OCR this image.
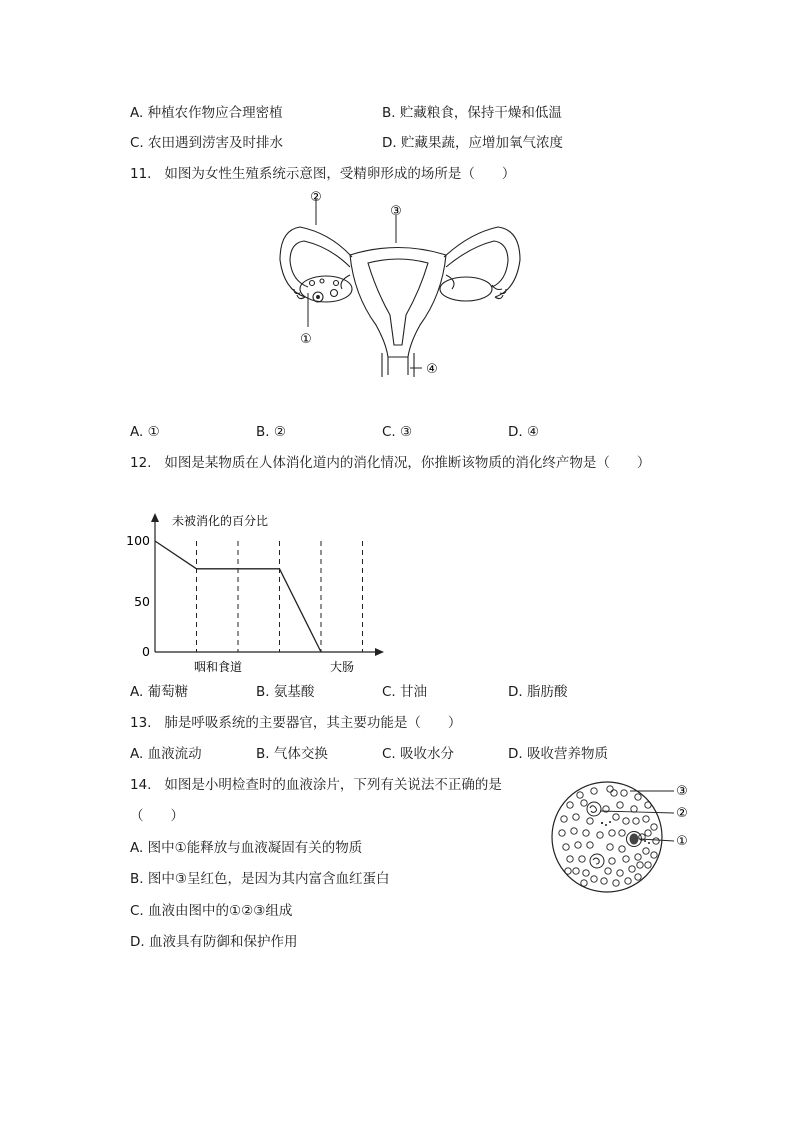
A. 种植农作物应合理密植	B. 贮藏粮食，保持干燥和低温
C. 农田遇到涝害及时排水	D. 贮藏果蔬，应增加氧气浓度
11. 如图为女性生殖系统示意图，受精卵形成的场所是（　　）
②
③
①
④
A. ①	B. ②	C. ③	D. ④
12. 如图是某物质在人体消化道内的消化情况，你推断该物质的消化终产物是（　　）
未被消化的百分比
100
50
0
咽和食道	大肠
A. 葡萄糖	B. 氨基酸	C. 甘油	D. 脂肪酸
13. 肺是呼吸系统的主要器官，其主要功能是（　　）
A. 血液流动	B. 气体交换	C. 吸收水分	D. 吸收营养物质
14. 如图是小明检查时的血液涂片，下列有关说法不正确的是
（　　）
A. 图中①能释放与血液凝固有关的物质
B. 图中③呈红色，是因为其内富含血红蛋白
C. 血液由图中的①②③组成
D. 血液具有防御和保护作用
③
②
①
